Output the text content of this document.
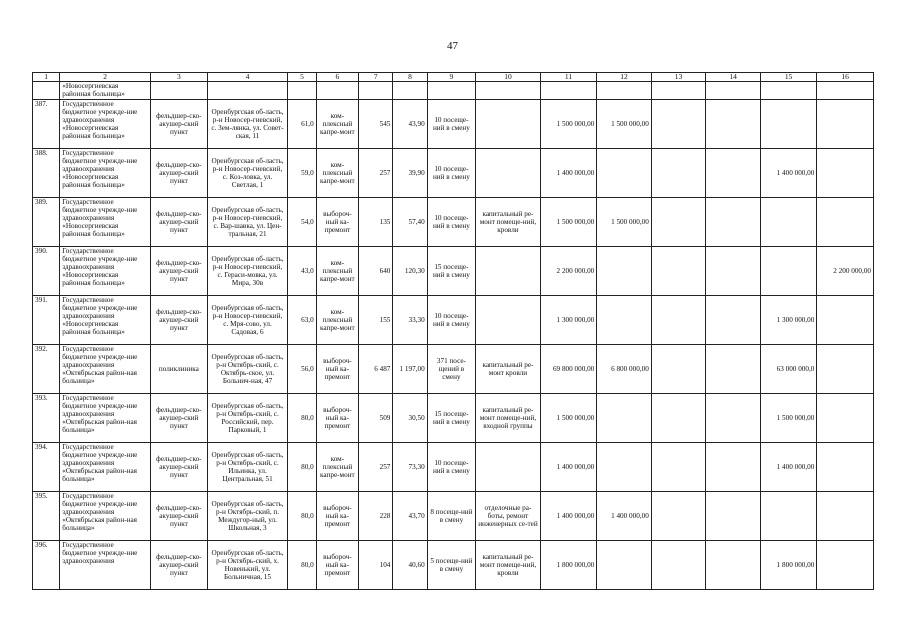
47
1	2	3	4	5	6	7	8	9	10	11	12	13	14	15	16
	«Новосергиевская районная больница»														
387.	Государственное бюджетное учрежде-ние здравоохранения «Новосергиевская районная больница»	фельдшер-ско-акушер-ский пункт	Оренбургская об-ласть, р-н Новосер-гиевский, с. Зем-лянка, ул. Совет-ская, 11	61,0	ком-плексный капре-монт	545	43,90	10 посеще-ний в смену		1 500 000,00	1 500 000,00				
388.	Государственное бюджетное учрежде-ние здравоохранения «Новосергиевская районная больница»	фельдшер-ско-акушер-ский пункт	Оренбургская об-ласть, р-н Новосер-гиевский, с. Коз-ловка, ул. Светлая, 1	59,0	ком-плексный капре-монт	257	39,90	10 посеще-ний в смену		1 400 000,00				1 400 000,00	
389.	Государственное бюджетное учрежде-ние здравоохранения «Новосергиевская районная больница»	фельдшер-ско-акушер-ский пункт	Оренбургская об-ласть, р-н Новосер-гиевский, с. Вар-шавка, ул. Цен-тральная, 21	54,0	выбороч-ный ка-премонт	135	57,40	10 посеще-ний в смену	капитальный ре-монт помеще-ний, кровли	1 500 000,00	1 500 000,00				
390.	Государственное бюджетное учрежде-ние здравоохранения «Новосергиевская районная больница»	фельдшер-ско-акушер-ский пункт	Оренбургская об-ласть, р-н Новосер-гиевский, с. Гераси-мовка, ул. Мира, 30в	43,0	ком-плексный капре-монт	640	120,30	15 посеще-ний в смену		2 200 000,00					2 200 000,00
391.	Государственное бюджетное учрежде-ние здравоохранения «Новосергиевская районная больница»	фельдшер-ско-акушер-ский пункт	Оренбургская об-ласть, р-н Новосер-гиевский, с. Мря-сово, ул. Садовая, 6	63,0	ком-плексный капре-монт	155	33,30	10 посеще-ний в смену		1 300 000,00				1 300 000,00	
392.	Государственное бюджетное учрежде-ние здравоохранения «Октябрьская район-ная больница»	поликлиника	Оренбургская об-ласть, р-н Октябрь-ский, с. Октябрь-ское, ул. Больнич-ная, 47	56,0	выбороч-ный ка-премонт	6 487	1 197,00	371 посе-щений в смену	капитальный ре-монт кровли	69 800 000,00	6 800 000,00			63 000 000,0	
393.	Государственное бюджетное учрежде-ние здравоохранения «Октябрьская район-ная больница»	фельдшер-ско-акушер-ский пункт	Оренбургская об-ласть, р-н Октябрь-ский, с. Российский, пер. Парковый, 1	80,0	выбороч-ный ка-премонт	509	30,50	15 посеще-ний в смену	капитальный ре-монт помеще-ний, входной группы	1 500 000,00				1 500 000,00	
394.	Государственное бюджетное учрежде-ние здравоохранения «Октябрьская район-ная больница»	фельдшер-ско-акушер-ский пункт	Оренбургская об-ласть, р-н Октябрь-ский, с. Ильинка, ул. Центральная, 51	80,0	ком-плексный капре-монт	257	73,30	10 посеще-ний в смену		1 400 000,00				1 400 000,00	
395.	Государственное бюджетное учрежде-ние здравоохранения «Октябрьская район-ная больница»	фельдшер-ско-акушер-ский пункт	Оренбургская об-ласть, р-н Октябрь-ский, п. Междугор-ный, ул. Школьная, 3	80,0	выбороч-ный ка-премонт	228	43,70	8 посеще-ний в смену	отделочные ра-боты, ремонт инженерных се-тей	1 400 000,00	1 400 000,00				
396.	Государственное бюджетное учрежде-ние здравоохранения	фельдшер-ско-акушер-ский пункт	Оренбургская об-ласть, р-н Октябрь-ский, х. Новенький, ул. Больничная, 15	80,0	выбороч-ный ка-премонт	104	40,60	5 посеще-ний в смену	капитальный ре-монт помеще-ний, кровли	1 800 000,00				1 800 000,00	
